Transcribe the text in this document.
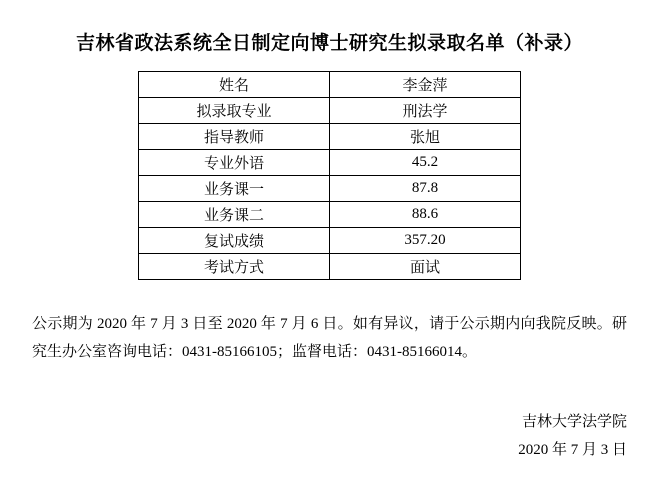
吉林省政法系统全日制定向博士研究生拟录取名单（补录）
姓名	李金萍
拟录取专业	刑法学
指导教师	张旭
专业外语	45.2
业务课一	87.8
业务课二	88.6
复试成绩	357.20
考试方式	面试
公示期为 2020 年 7 月 3 日至 2020 年 7 月 6 日。如有异议，请于公示期内向我院反映。研究生办公室咨询电话：0431-85166105；监督电话：0431-85166014。
吉林大学法学院
2020 年 7 月 3 日
